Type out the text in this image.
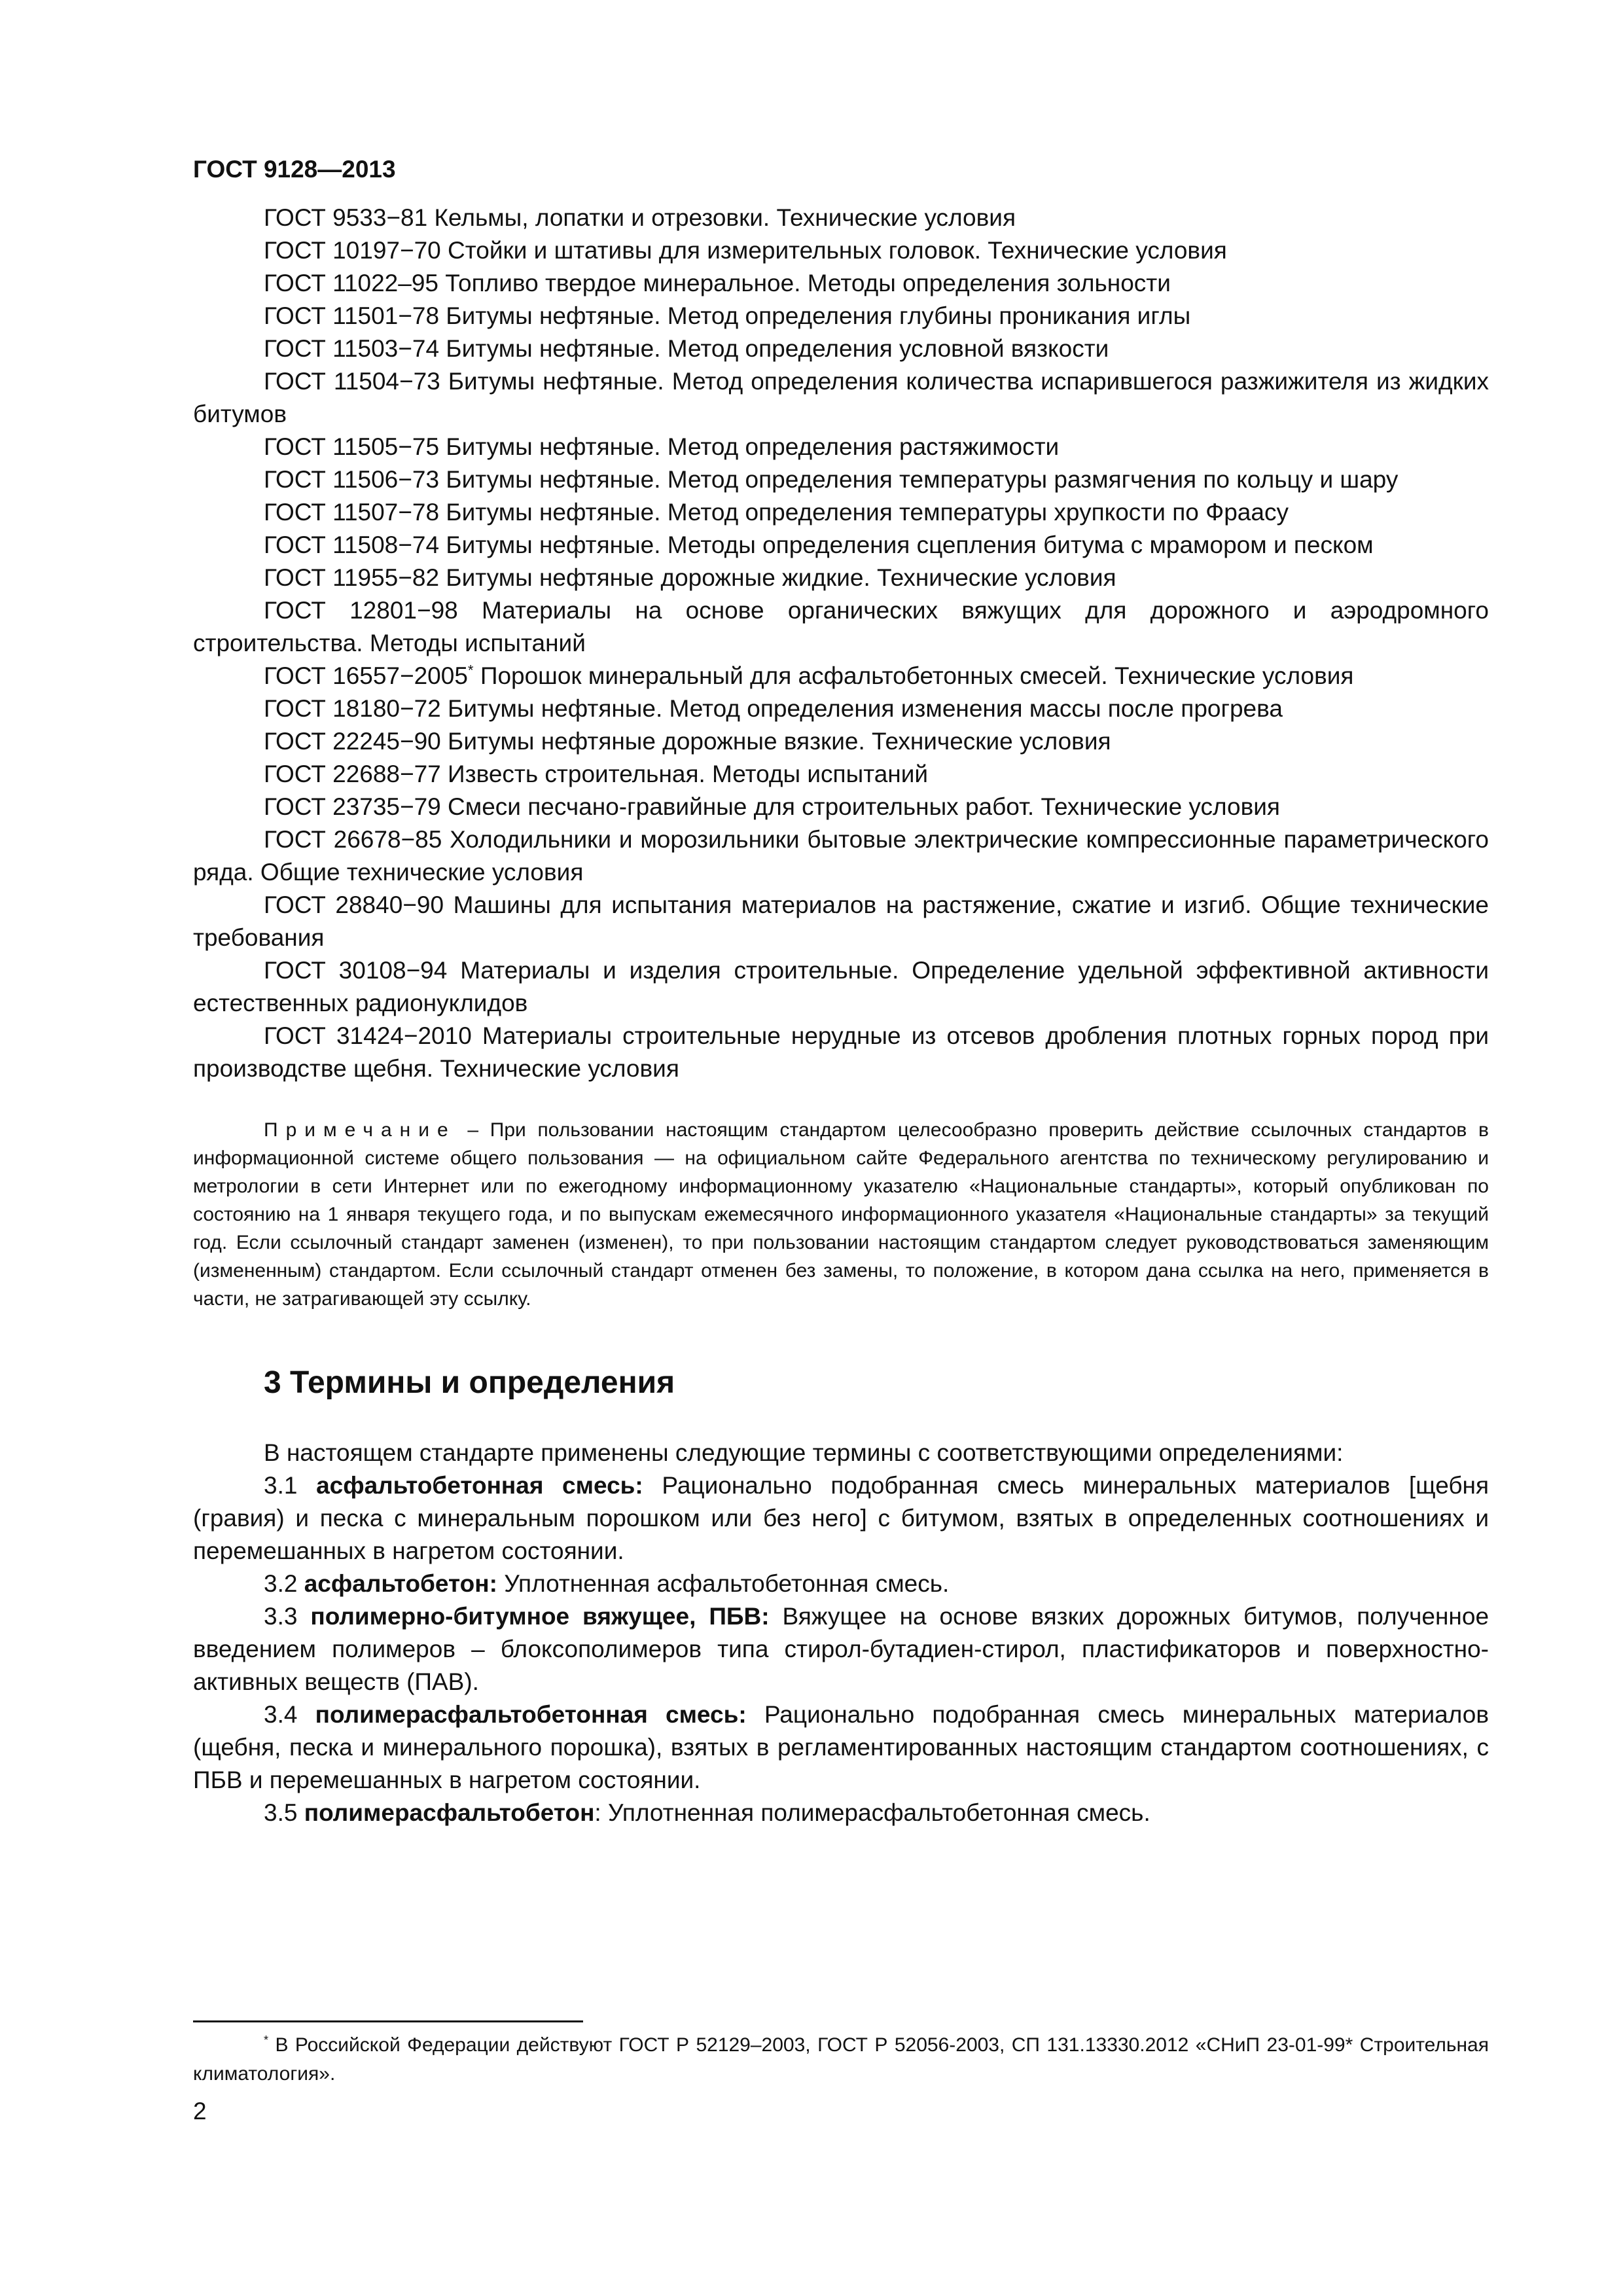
ГОСТ 9128—2013

ГОСТ 9533−81 Кельмы, лопатки и отрезовки. Технические условия

ГОСТ 10197−70 Стойки и штативы для измерительных головок. Технические условия

ГОСТ 11022–95 Топливо твердое минеральное. Методы определения зольности

ГОСТ 11501−78 Битумы нефтяные. Метод определения глубины проникания иглы

ГОСТ 11503−74 Битумы нефтяные. Метод определения условной вязкости

ГОСТ 11504−73 Битумы нефтяные. Метод определения количества испарившегося разжижителя из жидких битумов

ГОСТ 11505−75 Битумы нефтяные. Метод определения растяжимости

ГОСТ 11506−73 Битумы нефтяные. Метод определения температуры размягчения по кольцу и шару

ГОСТ 11507−78 Битумы нефтяные. Метод определения температуры хрупкости по Фраасу

ГОСТ 11508−74 Битумы нефтяные. Методы определения сцепления битума с мрамором и песком

ГОСТ 11955−82 Битумы нефтяные дорожные жидкие. Технические условия

ГОСТ 12801−98 Материалы на основе органических вяжущих для дорожного и аэродромного строительства. Методы испытаний

ГОСТ 16557−2005* Порошок минеральный для асфальтобетонных смесей. Технические условия

ГОСТ 18180−72 Битумы нефтяные. Метод определения изменения массы после прогрева

ГОСТ 22245−90 Битумы нефтяные дорожные вязкие. Технические условия

ГОСТ 22688−77 Известь строительная. Методы испытаний

ГОСТ 23735−79 Смеси песчано-гравийные для строительных работ. Технические условия

ГОСТ 26678−85 Холодильники и морозильники бытовые электрические компрессионные параметрического ряда. Общие технические условия

ГОСТ 28840−90 Машины для испытания материалов на растяжение, сжатие и изгиб. Общие технические требования

ГОСТ 30108−94 Материалы и изделия строительные. Определение удельной эффективной активности естественных радионуклидов

ГОСТ 31424−2010 Материалы строительные нерудные из отсевов дробления плотных горных пород при производстве щебня. Технические условия

Примечание – При пользовании настоящим стандартом целесообразно проверить действие ссылочных стандартов в информационной системе общего пользования — на официальном сайте Федерального агентства по техническому регулированию и метрологии в сети Интернет или по ежегодному информационному указателю «Национальные стандарты», который опубликован по состоянию на 1 января текущего года, и по выпускам ежемесячного информационного указателя «Национальные стандарты» за текущий год. Если ссылочный стандарт заменен (изменен), то при пользовании настоящим стандартом следует руководствоваться заменяющим (измененным) стандартом. Если ссылочный стандарт отменен без замены, то положение, в котором дана ссылка на него, применяется в части, не затрагивающей эту ссылку.

3 Термины и определения

В настоящем стандарте применены следующие термины с соответствующими определениями:

3.1 асфальтобетонная смесь: Рационально подобранная смесь минеральных материалов [щебня (гравия) и песка с минеральным порошком или без него] с битумом, взятых в определенных соотношениях и перемешанных в нагретом состоянии.

3.2 асфальтобетон: Уплотненная асфальтобетонная смесь.

3.3 полимерно-битумное вяжущее, ПБВ: Вяжущее на основе вязких дорожных битумов, полученное введением полимеров – блоксополимеров типа стирол-бутадиен-стирол, пластификаторов и поверхностно-активных веществ (ПАВ).

3.4 полимерасфальтобетонная смесь: Рационально подобранная смесь минеральных материалов (щебня, песка и минерального порошка), взятых в регламентированных настоящим стандартом соотношениях, с ПБВ и перемешанных в нагретом состоянии.

3.5 полимерасфальтобетон: Уплотненная полимерасфальтобетонная смесь.

* В Российской Федерации действуют ГОСТ Р 52129–2003, ГОСТ Р 52056-2003, СП 131.13330.2012 «СНиП 23-01-99* Строительная климатология».

2
